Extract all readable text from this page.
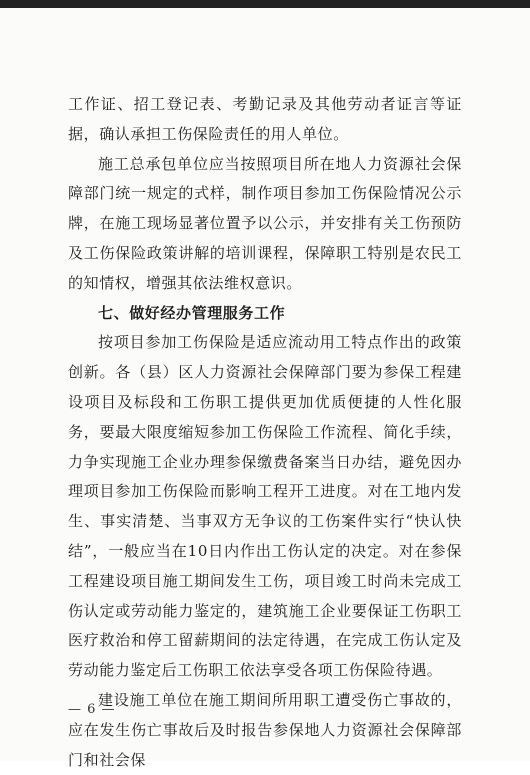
工作证、招工登记表、考勤记录及其他劳动者证言等证据，确认承担工伤保险责任的用人单位。

施工总承包单位应当按照项目所在地人力资源社会保障部门统一规定的式样，制作项目参加工伤保险情况公示牌，在施工现场显著位置予以公示，并安排有关工伤预防及工伤保险政策讲解的培训课程，保障职工特别是农民工的知情权，增强其依法维权意识。

七、做好经办管理服务工作

按项目参加工伤保险是适应流动用工特点作出的政策创新。各（县）区人力资源社会保障部门要为参保工程建设项目及标段和工伤职工提供更加优质便捷的人性化服务，要最大限度缩短参加工伤保险工作流程、简化手续，力争实现施工企业办理参保缴费备案当日办结，避免因办理项目参加工伤保险而影响工程开工进度。对在工地内发生、事实清楚、当事双方无争议的工伤案件实行“快认快结”，一般应当在10日内作出工伤认定的决定。对在参保工程建设项目施工期间发生工伤，项目竣工时尚未完成工伤认定或劳动能力鉴定的，建筑施工企业要保证工伤职工医疗救治和停工留薪期间的法定待遇，在完成工伤认定及劳动能力鉴定后工伤职工依法享受各项工伤保险待遇。

建设施工单位在施工期间所用职工遭受伤亡事故的，应在发生伤亡事故后及时报告参保地人力资源社会保障部门和社会保

— 6 —
